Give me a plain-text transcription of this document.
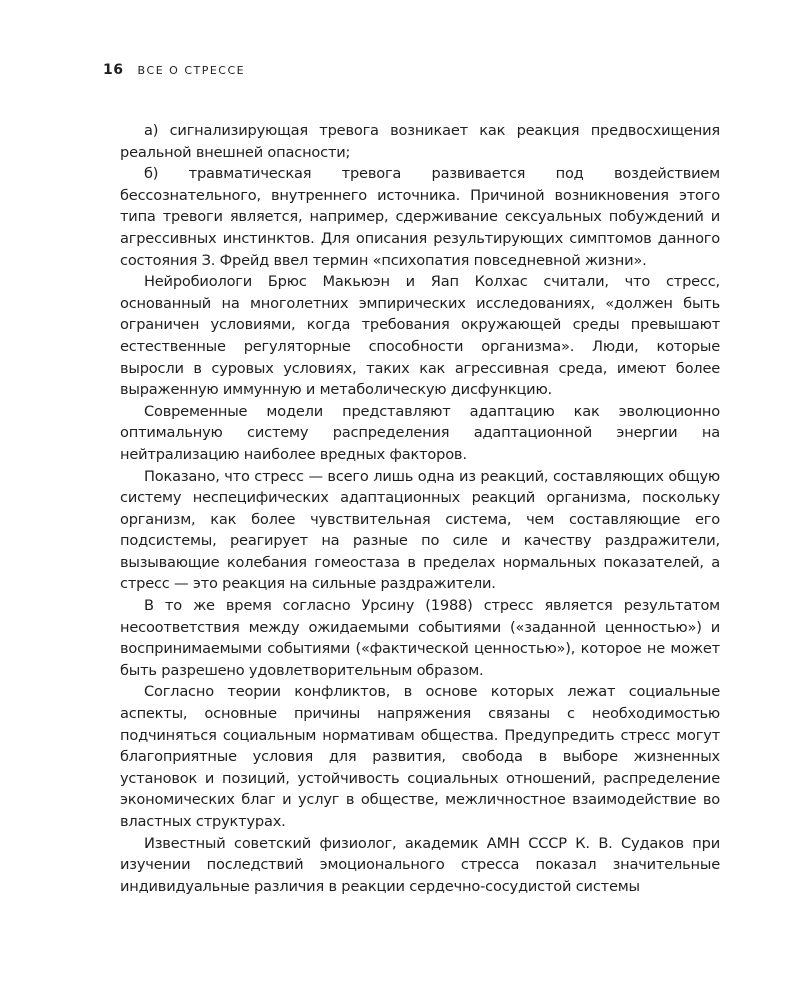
16 ВСЕ О СТРЕССЕ

а) сигнализирующая тревога возникает как реакция предвосхищения реальной внешней опасности;

б) травматическая тревога развивается под воздействием бессознательного, внутреннего источника. Причиной возникновения этого типа тревоги является, например, сдерживание сексуальных побуждений и агрессивных инстинктов. Для описания результирующих симптомов данного состояния З. Фрейд ввел термин «психопатия повседневной жизни».

Нейробиологи Брюс Макьюэн и Яап Колхас считали, что стресс, основанный на многолетних эмпирических исследованиях, «должен быть ограничен условиями, когда требования окружающей среды превышают естественные регуляторные способности организма». Люди, которые выросли в суровых условиях, таких как агрессивная среда, имеют более выраженную иммунную и метаболическую дисфункцию.

Современные модели представляют адаптацию как эволюционно оптимальную систему распределения адаптационной энергии на нейтрализацию наиболее вредных факторов.

Показано, что стресс — всего лишь одна из реакций, составляющих общую систему неспецифических адаптационных реакций организма, поскольку организм, как более чувствительная система, чем составляющие его подсистемы, реагирует на разные по силе и качеству раздражители, вызывающие колебания гомеостаза в пределах нормальных показателей, а стресс — это реакция на сильные раздражители.

В то же время согласно Урсину (1988) стресс является результатом несоответствия между ожидаемыми событиями («заданной ценностью») и воспринимаемыми событиями («фактической ценностью»), которое не может быть разрешено удовлетворительным образом.

Согласно теории конфликтов, в основе которых лежат социальные аспекты, основные причины напряжения связаны с необходимостью подчиняться социальным нормативам общества. Предупредить стресс могут благоприятные условия для развития, свобода в выборе жизненных установок и позиций, устойчивость социальных отношений, распределение экономических благ и услуг в обществе, межличностное взаимодействие во властных структурах.

Известный советский физиолог, академик АМН СССР К. В. Судаков при изучении последствий эмоционального стресса показал значительные индивидуальные различия в реакции сердечно-сосудистой системы
